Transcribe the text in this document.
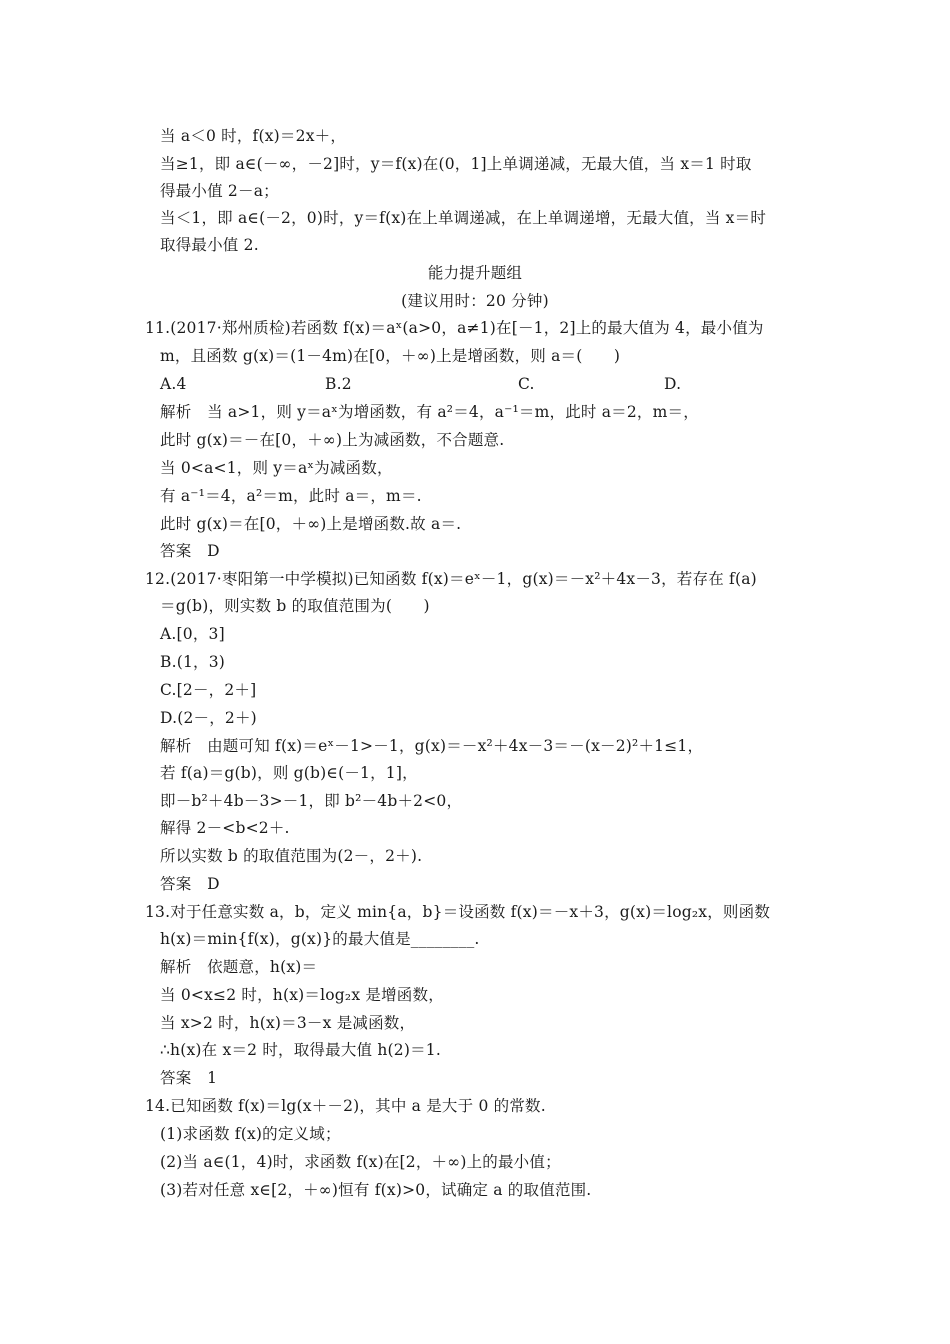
当 a＜0 时，f(x)＝2x＋，
当≥1，即 a∈(－∞，－2]时，y＝f(x)在(0，1]上单调递减，无最大值，当 x＝1 时取
得最小值 2－a；
当＜1，即 a∈(－2，0)时，y＝f(x)在上单调递减，在上单调递增，无最大值，当 x＝时
取得最小值 2.
能力提升题组
(建议用时：20 分钟)
11.(2017·郑州质检)若函数 f(x)＝aˣ(a>0，a≠1)在[－1，2]上的最大值为 4，最小值为
m，且函数 g(x)＝(1－4m)在[0，＋∞)上是增函数，则 a＝(　　)
A.4	B.2	C.	D.
解析　当 a>1，则 y＝aˣ为增函数，有 a²＝4，a⁻¹＝m，此时 a＝2，m＝，
此时 g(x)＝－在[0，＋∞)上为减函数，不合题意.
当 0<a<1，则 y＝aˣ为减函数，
有 a⁻¹＝4，a²＝m，此时 a＝，m＝.
此时 g(x)＝在[0，＋∞)上是增函数.故 a＝.
答案　D
12.(2017·枣阳第一中学模拟)已知函数 f(x)＝eˣ－1，g(x)＝－x²＋4x－3，若存在 f(a)
＝g(b)，则实数 b 的取值范围为(　　)
A.[0，3]
B.(1，3)
C.[2－，2＋]
D.(2－，2＋)
解析　由题可知 f(x)＝eˣ－1>－1，g(x)＝－x²＋4x－3＝－(x－2)²＋1≤1，
若 f(a)＝g(b)，则 g(b)∈(－1，1]，
即－b²＋4b－3>－1，即 b²－4b＋2<0，
解得 2－<b<2＋.
所以实数 b 的取值范围为(2－，2＋).
答案　D
13.对于任意实数 a，b，定义 min{a，b}＝设函数 f(x)＝－x＋3，g(x)＝log₂x，则函数
h(x)＝min{f(x)，g(x)}的最大值是________.
解析　依题意，h(x)＝
当 0<x≤2 时，h(x)＝log₂x 是增函数，
当 x>2 时，h(x)＝3－x 是减函数，
∴h(x)在 x＝2 时，取得最大值 h(2)＝1.
答案　1
14.已知函数 f(x)＝lg(x＋－2)，其中 a 是大于 0 的常数.
(1)求函数 f(x)的定义域；
(2)当 a∈(1，4)时，求函数 f(x)在[2，＋∞)上的最小值；
(3)若对任意 x∈[2，＋∞)恒有 f(x)>0，试确定 a 的取值范围.
